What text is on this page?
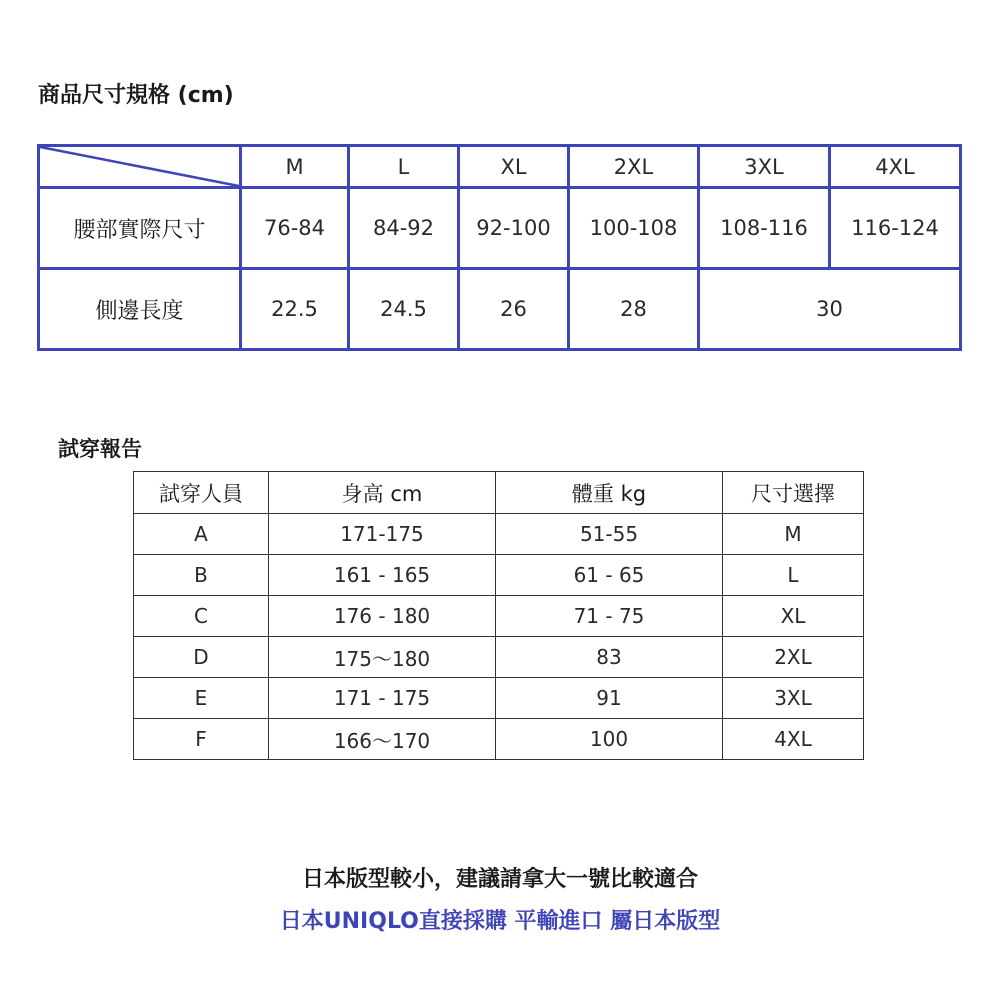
商品尺寸規格 (cm)
	M	L	XL	2XL	3XL	4XL
腰部實際尺寸	76-84	84-92	92-100	100-108	108-116	116-124
側邊長度	22.5	24.5	26	28	30	
試穿報告
試穿人員	身高 cm	體重 kg	尺寸選擇
A	171-175	51-55	M
B	161 - 165	61 - 65	L
C	176 - 180	71 - 75	XL
D	175～180	83	2XL
E	171 - 175	91	3XL
F	166～170	100	4XL
日本版型較小，建議請拿大一號比較適合
日本UNIQLO直接採購 平輸進口 屬日本版型
